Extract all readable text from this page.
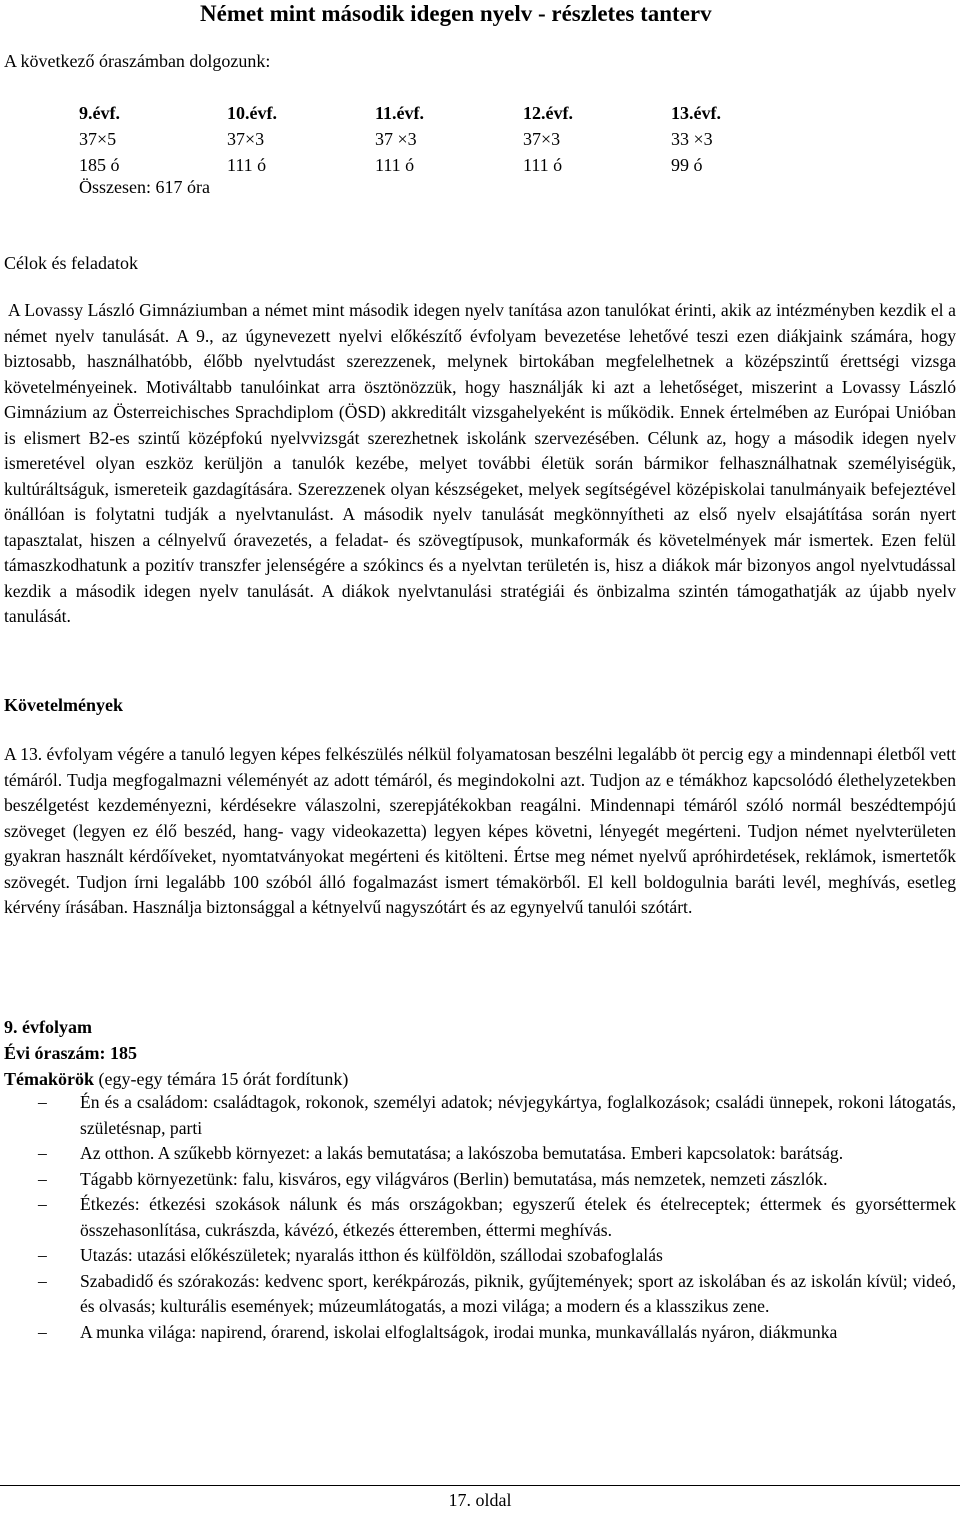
Német mint második idegen nyelv - részletes tanterv
A következő óraszámban dolgozunk:
9.évf.	10.évf.	11.évf.	12.évf.	13.évf.
37×5	37×3	37 ×3	37×3	33 ×3
185 ó	111 ó	111 ó	111 ó	99 ó
Összesen: 617 óra
Célok és feladatok
A Lovassy László Gimnáziumban a német mint második idegen nyelv tanítása azon tanulókat érinti, akik az intézményben kezdik el a német nyelv tanulását. A 9., az úgynevezett nyelvi előkészítő évfolyam bevezetése lehetővé teszi ezen diákjaink számára, hogy biztosabb, használhatóbb, élőbb nyelvtudást szerezzenek, melynek birtokában megfelelhetnek a középszintű érettségi vizsga követelményeinek. Motiváltabb tanulóinkat arra ösztönözzük, hogy használják ki azt a lehetőséget, miszerint a Lovassy László Gimnázium az Österreichisches Sprachdiplom (ÖSD) akkreditált vizsgahelyeként is működik. Ennek értelmében az Európai Unióban is elismert B2-es szintű középfokú nyelvvizsgát szerezhetnek iskolánk szervezésében. Célunk az, hogy a második idegen nyelv ismeretével olyan eszköz kerüljön a tanulók kezébe, melyet további életük során bármikor felhasználhatnak személyiségük, kultúráltságuk, ismereteik gazdagítására. Szerezzenek olyan készségeket, melyek segítségével középiskolai tanulmányaik befejeztével önállóan is folytatni tudják a nyelvtanulást. A második nyelv tanulását megkönnyítheti az első nyelv elsajátítása során nyert tapasztalat, hiszen a célnyelvű óravezetés, a feladat- és szövegtípusok, munkaformák és követelmények már ismertek. Ezen felül támaszkodhatunk a pozitív transzfer jelenségére a szókincs és a nyelvtan területén is, hisz a diákok már bizonyos angol nyelvtudással kezdik a második idegen nyelv tanulását. A diákok nyelvtanulási stratégiái és önbizalma szintén támogathatják az újabb nyelv tanulását.
Követelmények
A 13. évfolyam végére a tanuló legyen képes felkészülés nélkül folyamatosan beszélni legalább öt percig egy a mindennapi életből vett témáról. Tudja megfogalmazni véleményét az adott témáról, és megindokolni azt. Tudjon az e témákhoz kapcsolódó élethelyzetekben beszélgetést kezdeményezni, kérdésekre válaszolni, szerepjátékokban reagálni. Mindennapi témáról szóló normál beszédtempójú szöveget (legyen ez élő beszéd, hang- vagy videokazetta) legyen képes követni, lényegét megérteni. Tudjon német nyelvterületen gyakran használt kérdőíveket, nyomtatványokat megérteni és kitölteni. Értse meg német nyelvű apróhirdetések, reklámok, ismertetők szövegét. Tudjon írni legalább 100 szóból álló fogalmazást ismert témakörből. El kell boldogulnia baráti levél, meghívás, esetleg kérvény írásában. Használja biztonsággal a kétnyelvű nagyszótárt és az egynyelvű tanulói szótárt.
9. évfolyam
Évi óraszám: 185
Témakörök (egy-egy témára 15 órát fordítunk)
– Én és a családom: családtagok, rokonok, személyi adatok; névjegykártya, foglalkozások; családi ünnepek, rokoni látogatás, születésnap, parti
– Az otthon. A szűkebb környezet: a lakás bemutatása; a lakószoba bemutatása. Emberi kapcsolatok: barátság.
– Tágabb környezetünk: falu, kisváros, egy világváros (Berlin) bemutatása, más nemzetek, nemzeti zászlók.
– Étkezés: étkezési szokások nálunk és más országokban; egyszerű ételek és ételreceptek; éttermek és gyorséttermek összehasonlítása, cukrászda, kávézó, étkezés étteremben, éttermi meghívás.
– Utazás: utazási előkészületek; nyaralás itthon és külföldön, szállodai szobafoglalás
– Szabadidő és szórakozás: kedvenc sport, kerékpározás, piknik, gyűjtemények; sport az iskolában és az iskolán kívül; videó, és olvasás; kulturális események; múzeumlátogatás, a mozi világa; a modern és a klasszikus zene.
– A munka világa: napirend, órarend, iskolai elfoglaltságok, irodai munka, munkavállalás nyáron, diákmunka
17. oldal
